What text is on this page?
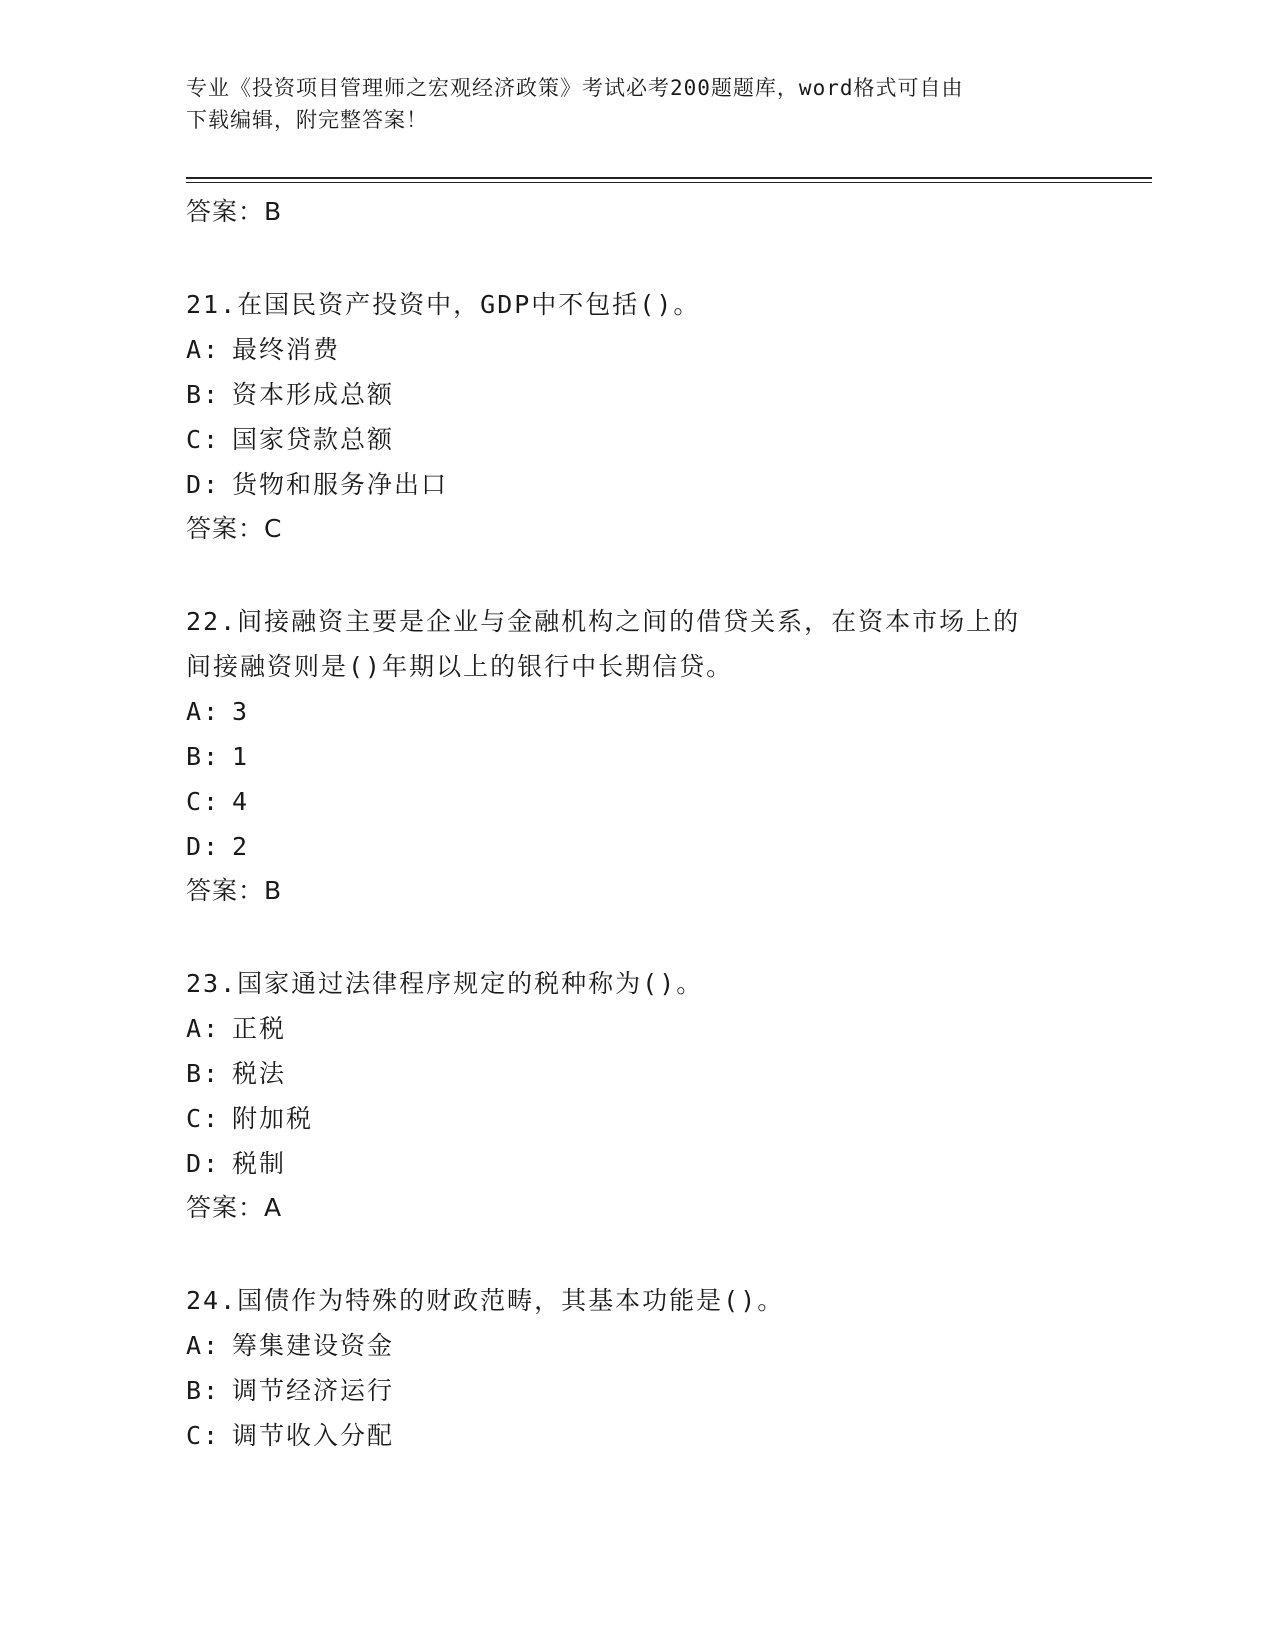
专业《投资项目管理师之宏观经济政策》考试必考200题题库，word格式可自由
下载编辑，附完整答案！
答案：B
21.在国民资产投资中，GDP中不包括()。
A: 最终消费
B: 资本形成总额
C: 国家贷款总额
D: 货物和服务净出口
答案：C
22.间接融资主要是企业与金融机构之间的借贷关系，在资本市场上的
间接融资则是()年期以上的银行中长期信贷。
A: 3
B: 1
C: 4
D: 2
答案：B
23.国家通过法律程序规定的税种称为()。
A: 正税
B: 税法
C: 附加税
D: 税制
答案：A
24.国债作为特殊的财政范畴，其基本功能是()。
A: 筹集建设资金
B: 调节经济运行
C: 调节收入分配
